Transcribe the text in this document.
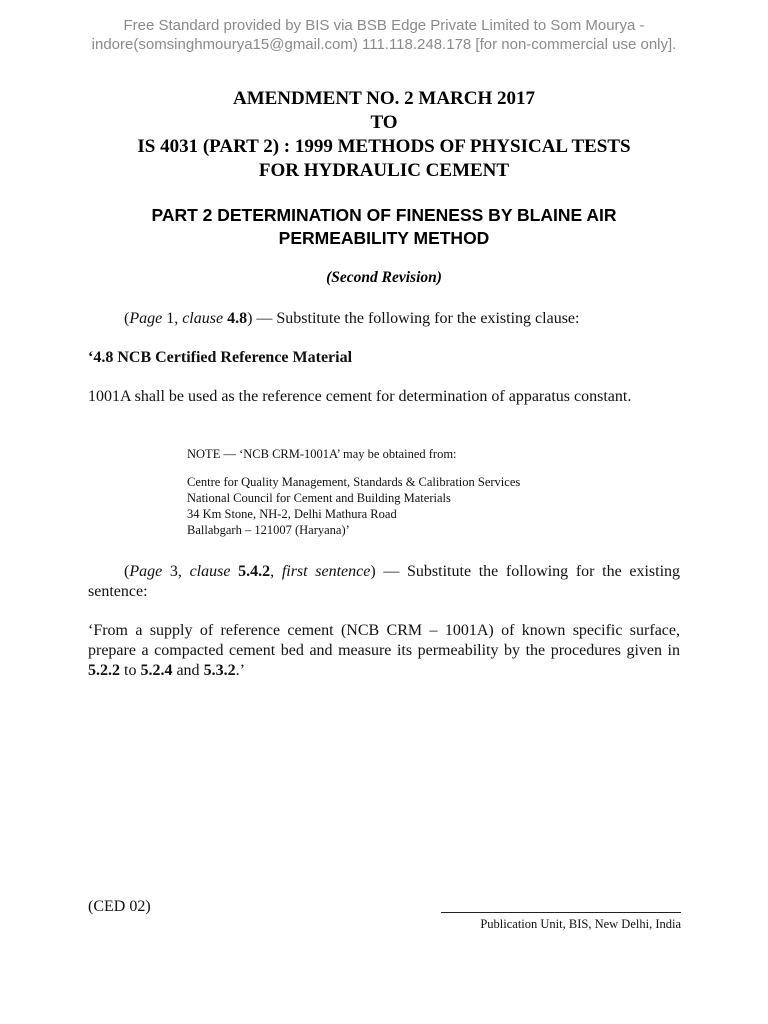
Free Standard provided by BIS via BSB Edge Private Limited to Som Mourya -
indore(somsinghmourya15@gmail.com) 111.118.248.178 [for non-commercial use only].
AMENDMENT NO. 2 MARCH 2017
TO
IS 4031 (PART 2) : 1999 METHODS OF PHYSICAL TESTS
FOR HYDRAULIC CEMENT
PART 2 DETERMINATION OF FINENESS BY BLAINE AIR
PERMEABILITY METHOD
(Second Revision)
(Page 1, clause 4.8) — Substitute the following for the existing clause:
‘4.8 NCB Certified Reference Material
1001A shall be used as the reference cement for determination of apparatus constant.
NOTE — ‘NCB CRM-1001A’ may be obtained from:
Centre for Quality Management, Standards & Calibration Services
National Council for Cement and Building Materials
34 Km Stone, NH-2, Delhi Mathura Road
Ballabgarh – 121007 (Haryana)’
(Page 3, clause 5.4.2, first sentence) — Substitute the following for the existing sentence:
‘From a supply of reference cement (NCB CRM – 1001A) of known specific surface, prepare a compacted cement bed and measure its permeability by the procedures given in 5.2.2 to 5.2.4 and 5.3.2.’
(CED 02)
Publication Unit, BIS, New Delhi, India
